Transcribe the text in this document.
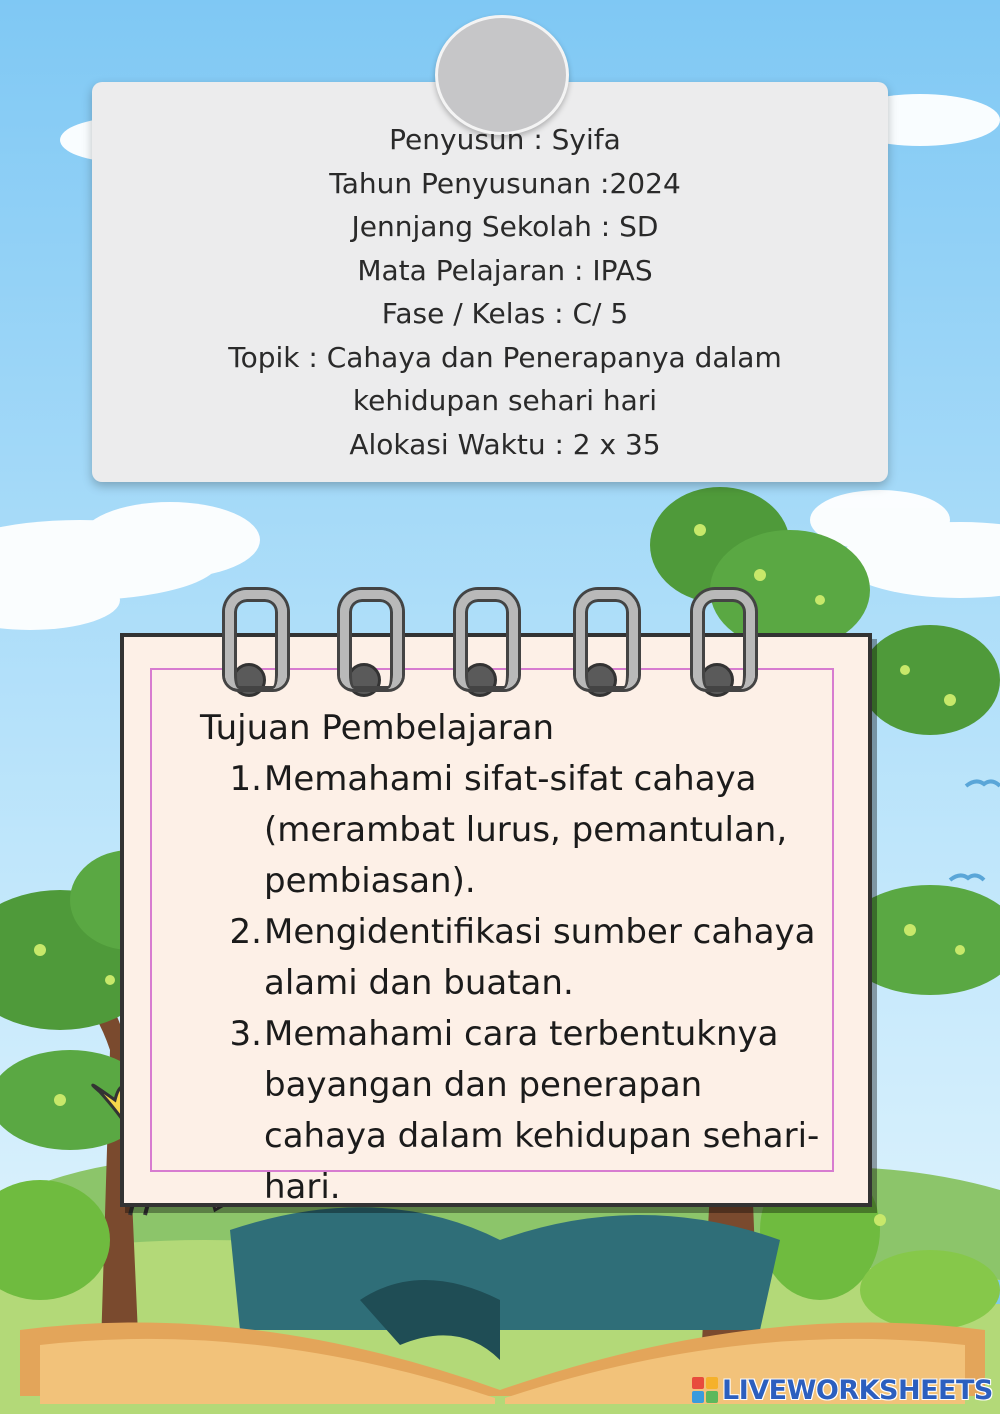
Penyusun : Syifa
Tahun Penyusunan :2024
Jennjang Sekolah : SD
Mata Pelajaran : IPAS
Fase / Kelas : C/ 5
Topik : Cahaya dan Penerapanya dalam
kehidupan sehari hari
Alokasi Waktu : 2 x 35
Tujuan Pembelajaran
1. Memahami sifat-sifat cahaya (merambat lurus, pemantulan, pembiasan).
2. Mengidentifikasi sumber cahaya alami dan buatan.
3. Memahami cara terbentuknya bayangan dan penerapan cahaya dalam kehidupan sehari-hari.
LIVEWORKSHEETS
